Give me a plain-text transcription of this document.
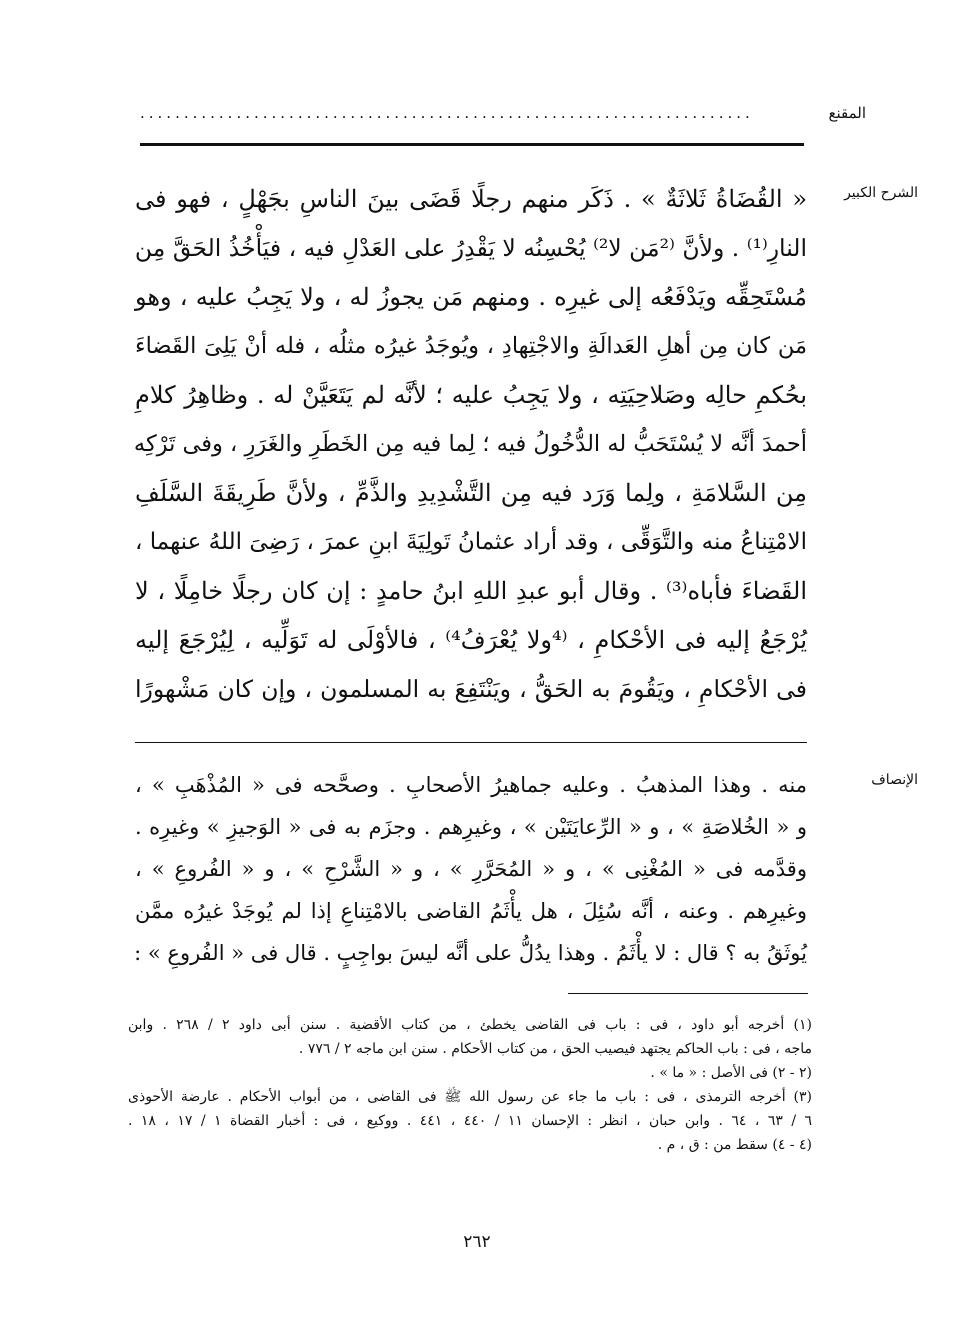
المقنع
......................................................................
الشرح الكبير
الإنصاف
« القُضَاةُ ثَلاثَةٌ » . ذَكَر منهم رجلًا قَضَى بينَ الناسِ بجَهْلٍ ، فهو فى
النارِ⁽¹⁾ . ولأنَّ ⁽²مَن لا²⁾ يُحْسِنُه لا يَقْدِرُ على العَدْلِ فيه ، فيَأْخُذُ الحَقَّ مِن
مُسْتَحِقِّه ويَدْفَعُه إلى غيرِه . ومنهم مَن يجوزُ له ، ولا يَجِبُ عليه ، وهو
مَن كان مِن أهلِ العَدالَةِ والاجْتِهادِ ، ويُوجَدُ غيرُه مثلُه ، فله أنْ يَلِىَ القَضاءَ
بحُكمِ حالِه وصَلاحِيَتِه ، ولا يَجِبُ عليه ؛ لأنَّه لم يَتَعَيَّنْ له . وظاهِرُ كلامِ
أحمدَ أنَّه لا يُسْتَحَبُّ له الدُّخُولُ فيه ؛ لِما فيه مِن الخَطَرِ والغَرَرِ ، وفى تَرْكِه
مِن السَّلامَةِ ، ولِما وَرَد فيه مِن التَّشْدِيدِ والذَّمِّ ، ولأنَّ طَرِيقَةَ السَّلَفِ
الامْتِناعُ منه والتَّوَقِّى ، وقد أراد عثمانُ تَولِيَةَ ابنِ عمرَ ، رَضِىَ اللهُ عنهما ،
القَضاءَ فأباه⁽³⁾ . وقال أبو عبدِ اللهِ ابنُ حامدٍ : إن كان رجلًا خامِلًا ، لا
يُرْجَعُ إليه فى الأحْكامِ ، ⁽⁴ولا يُعْرَفُ⁴⁾ ، فالأوْلَى له تَوَلِّيه ، لِيُرْجَعَ إليه
فى الأحْكامِ ، ويَقُومَ به الحَقُّ ، ويَنْتَفِعَ به المسلمون ، وإن كان مَشْهورًا
منه . وهذا المذهبُ . وعليه جماهيرُ الأصحابِ . وصحَّحه فى « المُذْهَبِ » ،
و « الخُلاصَةِ » ، و « الرِّعايَتَيْن » ، وغيرِهم . وجزَم به فى « الوَجيزِ » وغيرِه .
وقدَّمه فى « المُغْنِى » ، و « المُحَرَّرِ » ، و « الشَّرْحِ » ، و « الفُروعِ » ،
وغيرِهم . وعنه ، أنَّه سُئِلَ ، هل يأْثَمُ القاضى بالامْتِناعِ إذا لم يُوجَدْ غيرُه ممَّن
يُوثَقُ به ؟ قال : لا يأْثَمُ . وهذا يدُلُّ على أنَّه ليسَ بواجِبٍ . قال فى « الفُروعِ » :
(١) أخرجه أبو داود ، فى : باب فى القاضى يخطئ ، من كتاب الأقضية . سنن أبى داود ٢ / ٢٦٨ . وابن
ماجه ، فى : باب الحاكم يجتهد فيصيب الحق ، من كتاب الأحكام . سنن ابن ماجه ٢ / ٧٧٦ .
(٢ - ٢) فى الأصل : « ما » .
(٣) أخرجه الترمذى ، فى : باب ما جاء عن رسول الله ﷺ فى القاضى ، من أبواب الأحكام . عارضة الأحوذى
٦ / ٦٣ ، ٦٤ . وابن حبان ، انظر : الإحسان ١١ / ٤٤٠ ، ٤٤١ . ووكيع ، فى : أخبار القضاة ١ / ١٧ ، ١٨ .
(٤ - ٤) سقط من : ق ، م .
٢٦٢
